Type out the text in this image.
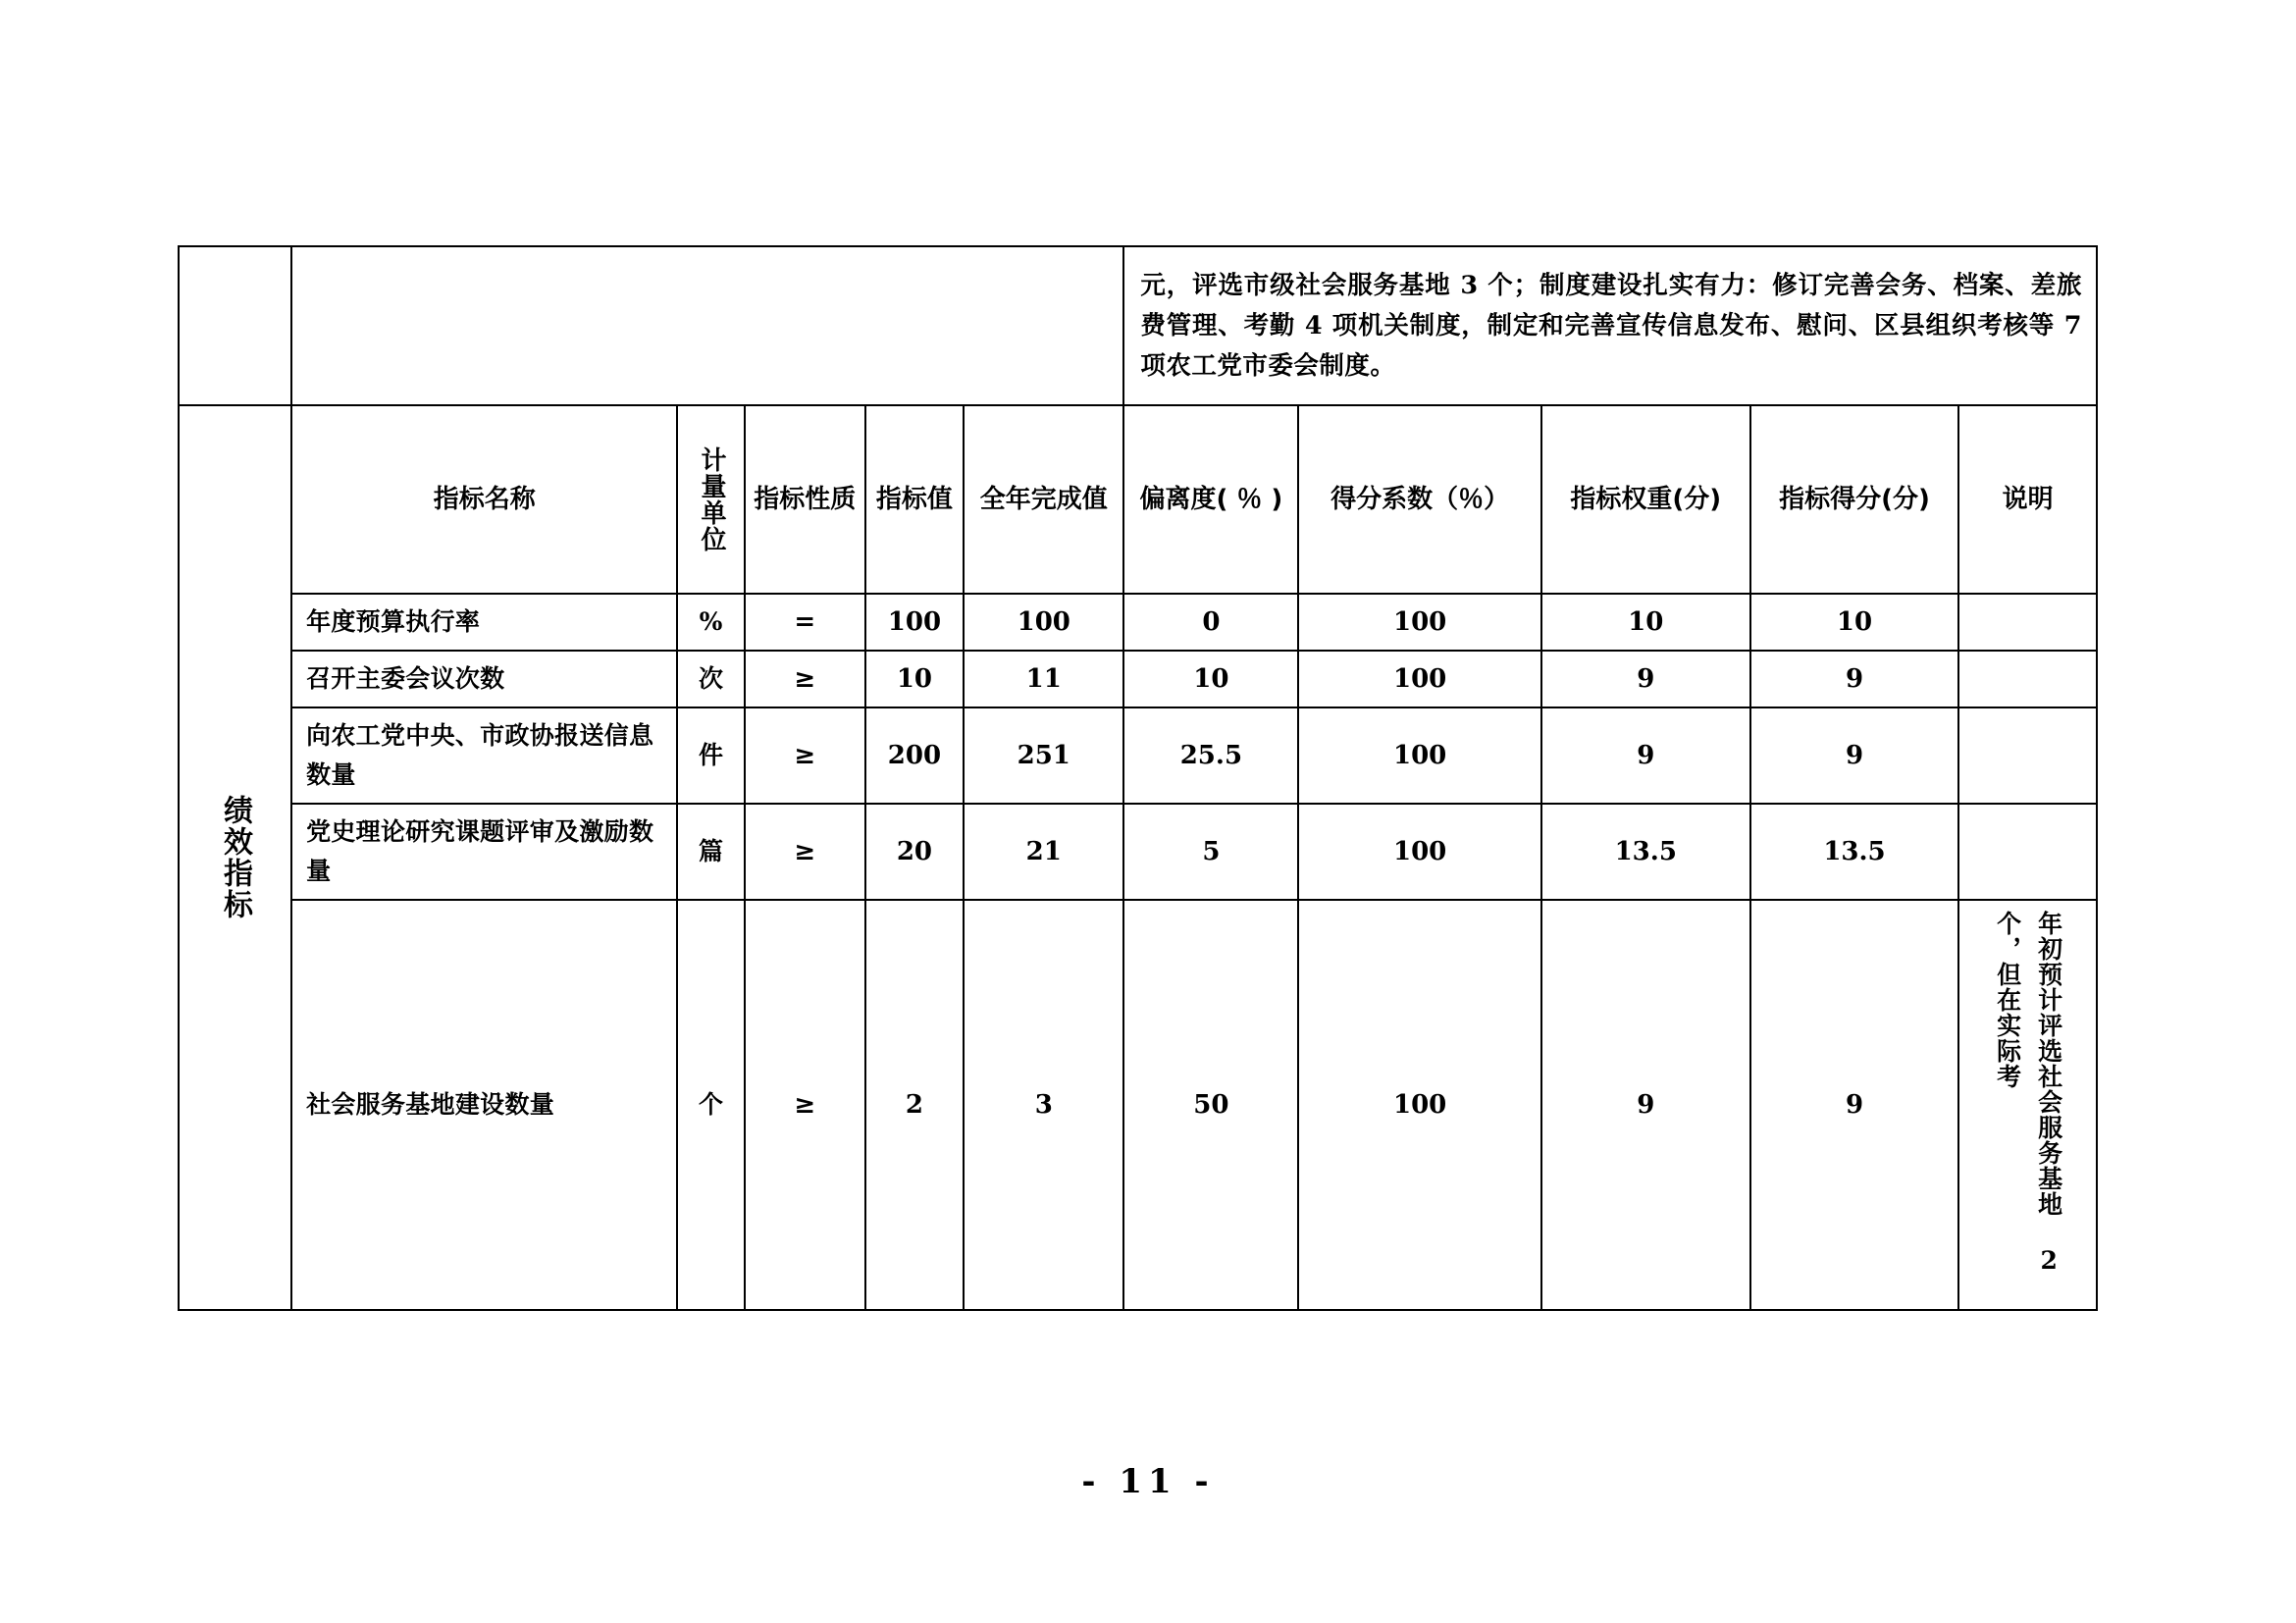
						元，评选市级社会服务基地 3 个；制度建设扎实有力：修订完善会务、档案、差旅费管理、考勤 4 项机关制度，制定和完善宣传信息发布、慰问、区县组织考核等 7 项农工党市委会制度。				

绩效指标	指标名称	计量单位	指标性质	指标值	全年完成值	偏离度( ％ )	得分系数（％）	指标权重(分)	指标得分(分)	说明

	年度预算执行率	%	=	100	100	0	100	10	10	

	召开主委会议次数	次	≥	10	11	10	100	9	9	

	向农工党中央、市政协报送信息数量	件	≥	200	251	25.5	100	9	9	

	党史理论研究课题评审及激励数量	篇	≥	20	21	5	100	13.5	13.5	

	社会服务基地建设数量	个	≥	2	3	50	100	9	9	年初预计评选社会服务基地 2 个，但在实际考
- 11 -
